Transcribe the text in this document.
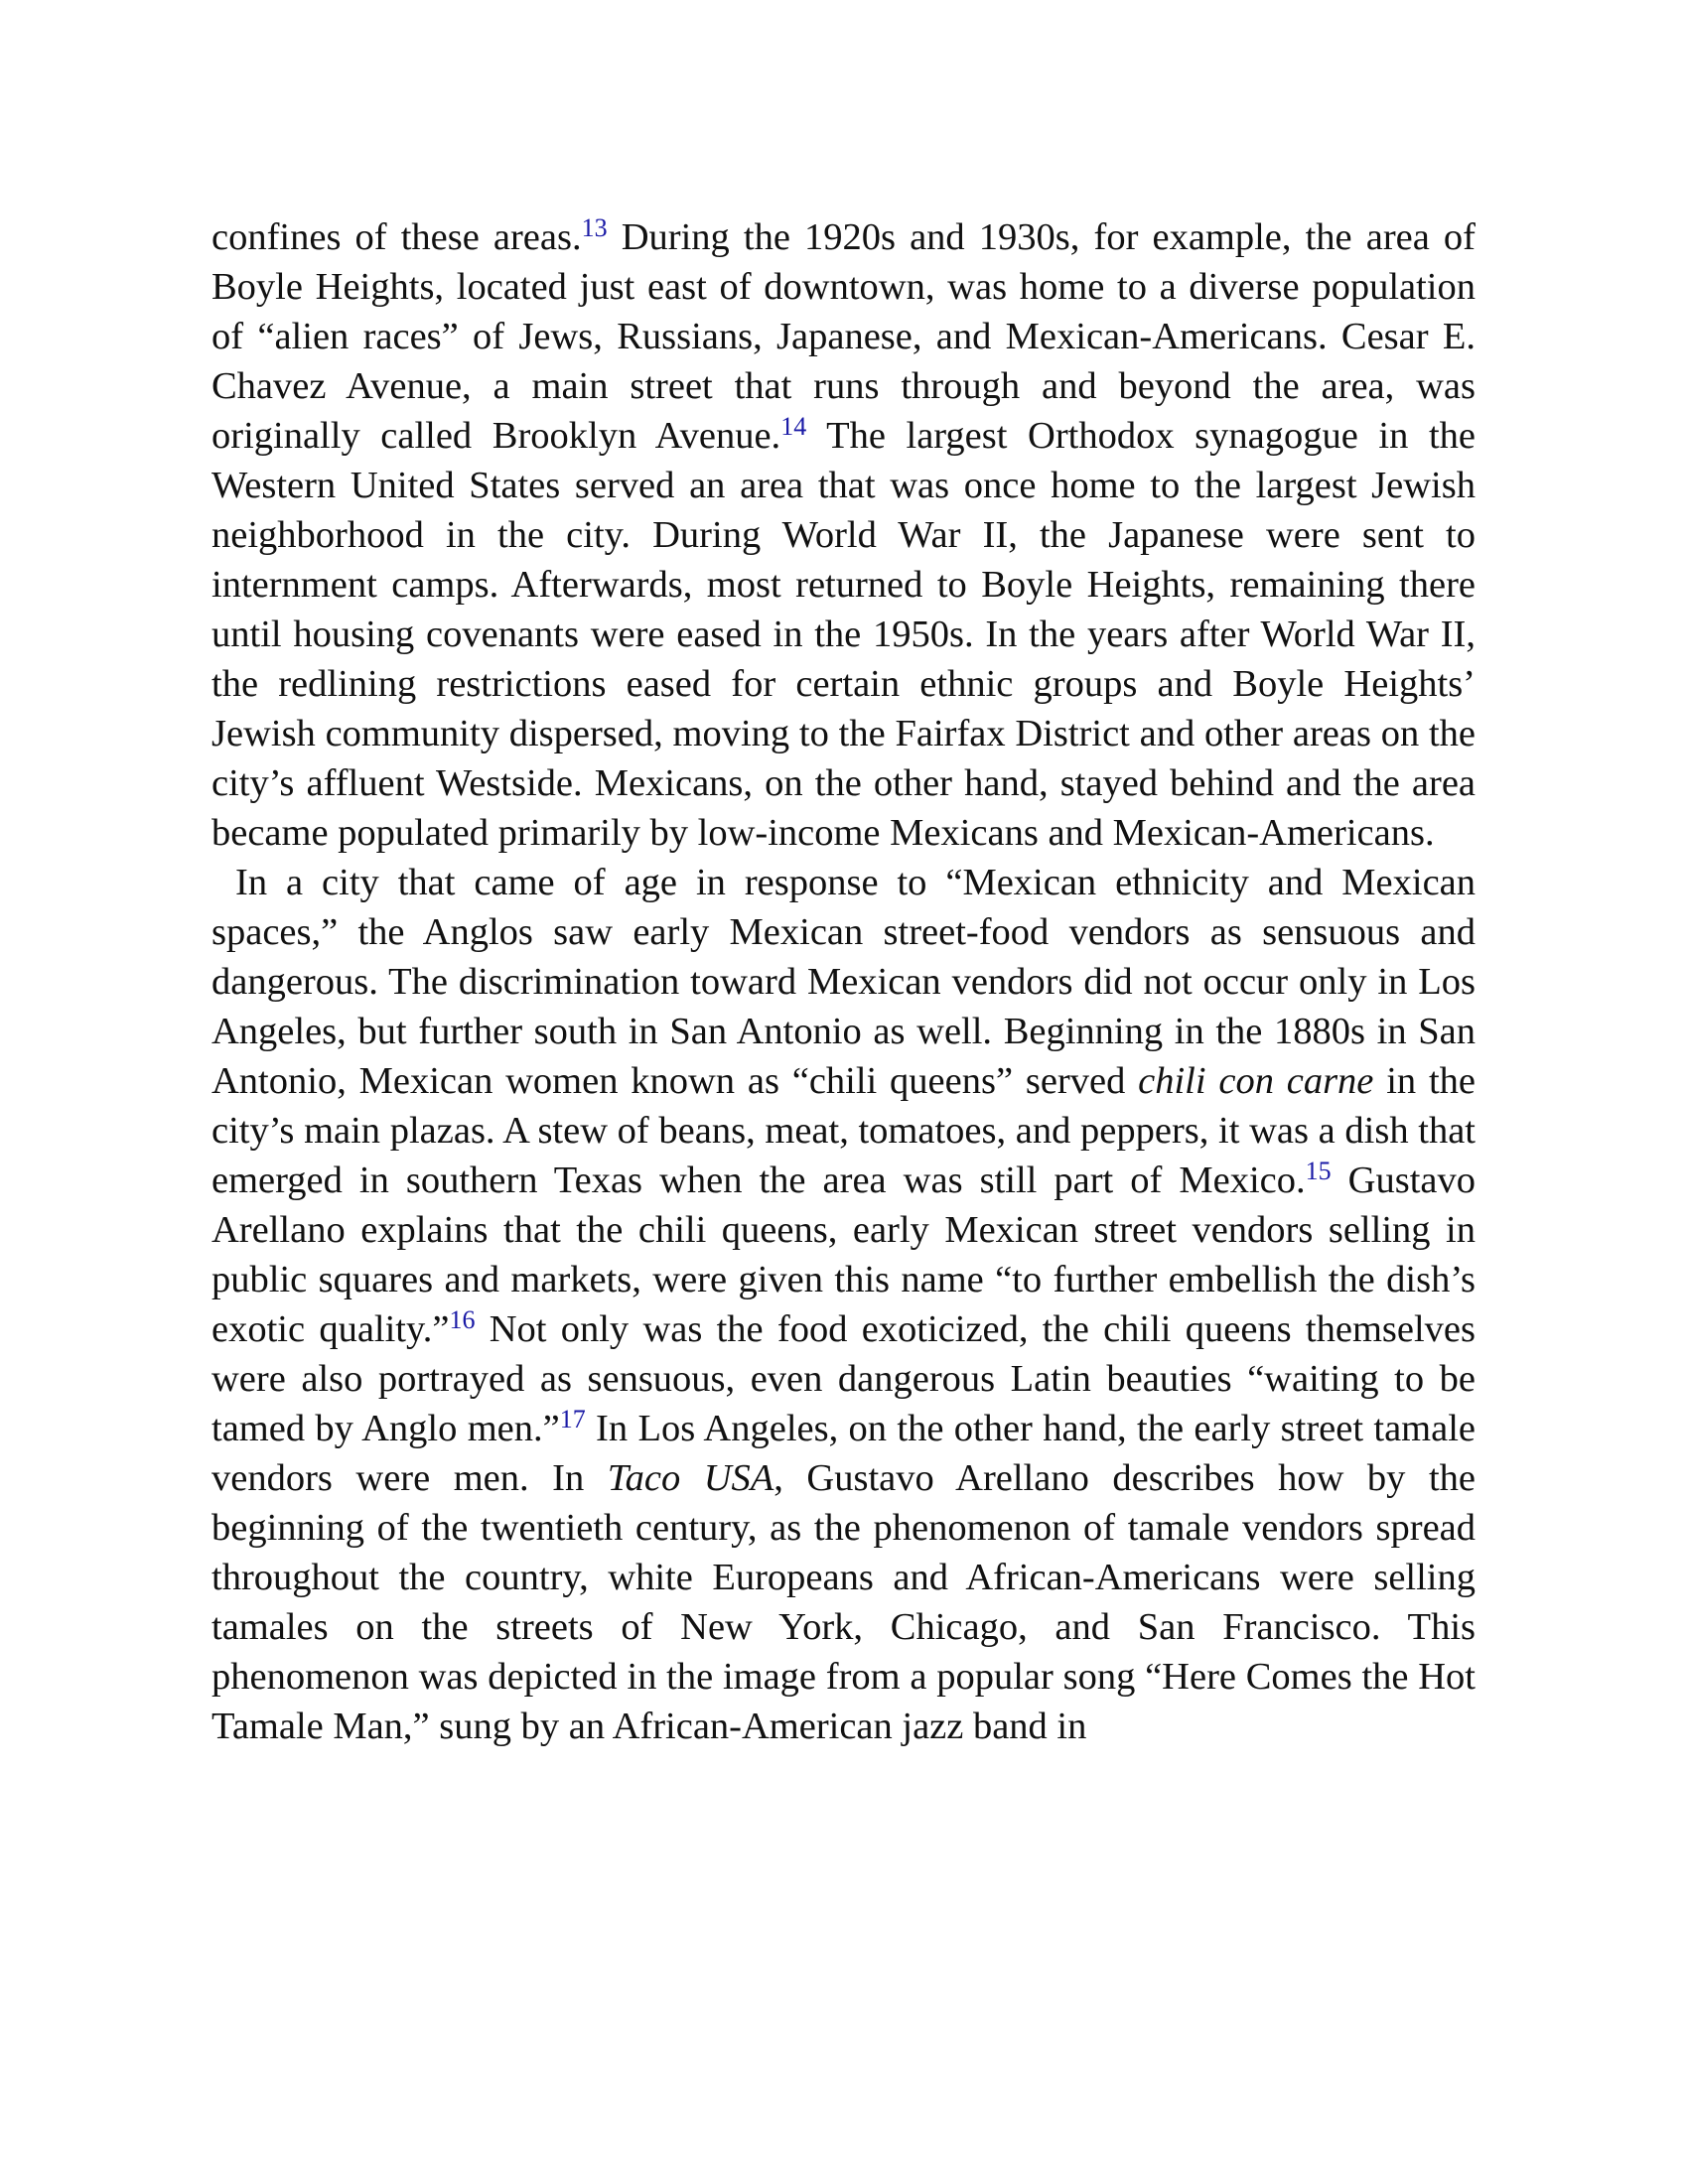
confines of these areas.$^{13}$ During the 1920s and 1930s, for example, the area of Boyle Heights, located just east of downtown, was home to a diverse population of “alien races” of Jews, Russians, Japanese, and Mexican-Americans. Cesar E. Chavez Avenue, a main street that runs through and beyond the area, was originally called Brooklyn Avenue.$^{14}$ The largest Orthodox synagogue in the Western United States served an area that was once home to the largest Jewish neighborhood in the city. During World War II, the Japanese were sent to internment camps. Afterwards, most returned to Boyle Heights, remaining there until housing covenants were eased in the 1950s. In the years after World War II, the redlining restrictions eased for certain ethnic groups and Boyle Heights’ Jewish community dispersed, moving to the Fairfax District and other areas on the city’s affluent Westside. Mexicans, on the other hand, stayed behind and the area became populated primarily by low-income Mexicans and Mexican-Americans.

In a city that came of age in response to “Mexican ethnicity and Mexican spaces,” the Anglos saw early Mexican street-food vendors as sensuous and dangerous. The discrimination toward Mexican vendors did not occur only in Los Angeles, but further south in San Antonio as well. Beginning in the 1880s in San Antonio, Mexican women known as “chili queens” served chili con carne in the city’s main plazas. A stew of beans, meat, tomatoes, and peppers, it was a dish that emerged in southern Texas when the area was still part of Mexico.$^{15}$ Gustavo Arellano explains that the chili queens, early Mexican street vendors selling in public squares and markets, were given this name “to further embellish the dish’s exotic quality.”$^{16}$ Not only was the food exoticized, the chili queens themselves were also portrayed as sensuous, even dangerous Latin beauties “waiting to be tamed by Anglo men.”$^{17}$ In Los Angeles, on the other hand, the early street tamale vendors were men. In Taco USA, Gustavo Arellano describes how by the beginning of the twentieth century, as the phenomenon of tamale vendors spread throughout the country, white Europeans and African-Americans were selling tamales on the streets of New York, Chicago, and San Francisco. This phenomenon was depicted in the image from a popular song “Here Comes the Hot Tamale Man,” sung by an African-American jazz band in
